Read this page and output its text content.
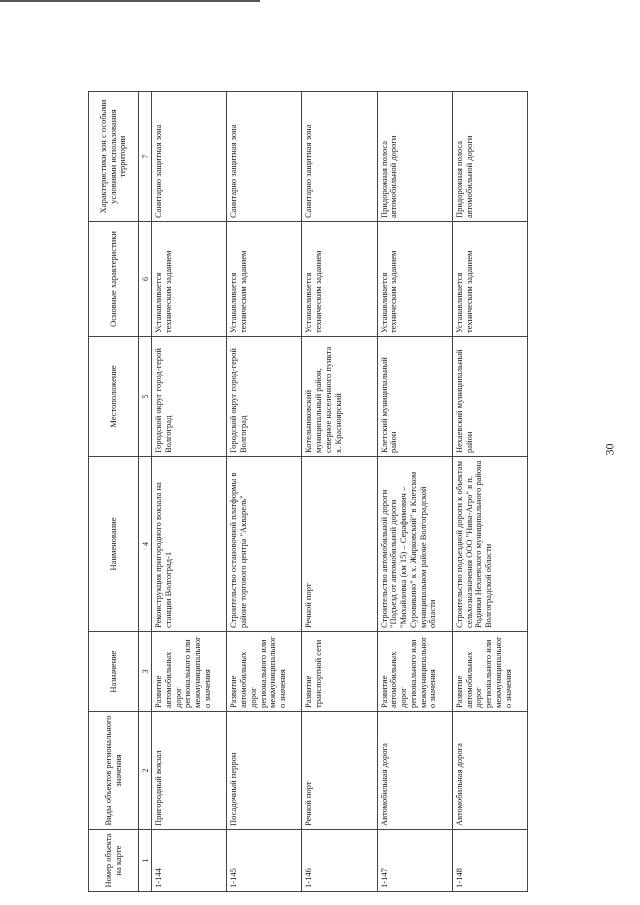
30
Номер объекта на карте	Виды объектов регионального значения	Назначение	Наименование	Местоположение	Основные характеристики	Характеристики зон с особыми условиями использования территории
1	2	3	4	5	6	7
1-144	Пригородный вокзал	Развитие автомобильных дорог регионального или межмуниципального значения	Реконструкция пригородного вокзала на станции Волгоград-1	Городской округ город-герой Волгоград	Устанавливается техническим заданием	Санитарно защитная зона
1-145	Посадочный перрон	Развитие автомобильных дорог регионального или межмуниципального значения	Строительство остановочной платформы в районе торгового центра "Акварель"	Городской округ город-герой Волгоград	Устанавливается техническим заданием	Санитарно защитная зона
1-146	Речной порт	Развитие транспортной сети	Речной порт	Котельниковский муниципальный район, северное населенного пункта х. Красноярский	Устанавливается техническим заданием	Санитарно защитная зона
1-147	Автомобильная дорога	Развитие автомобильных дорог регионального или межмуниципального значения	Строительство автомобильной дороги "Подъезд от автомобильной дороги "Михайловка (км 15) – Серафимович – Суровикино" к х. Жирковский" в Клетском муниципальном районе Волгоградской области	Клетский муниципальный район	Устанавливается техническим заданием	Придорожная полоса автомобильной дороги
1-148	Автомобильная дорога	Развитие автомобильных дорог регионального или межмуниципального значения	Строительство подъездной дороги к объектам сельхозназначения ООО "Нива-Агро" в п. Родники Нехаевского муниципального района Волгоградской области	Нехаевский муниципальный район	Устанавливается техническим заданием	Придорожная полоса автомобильной дороги
